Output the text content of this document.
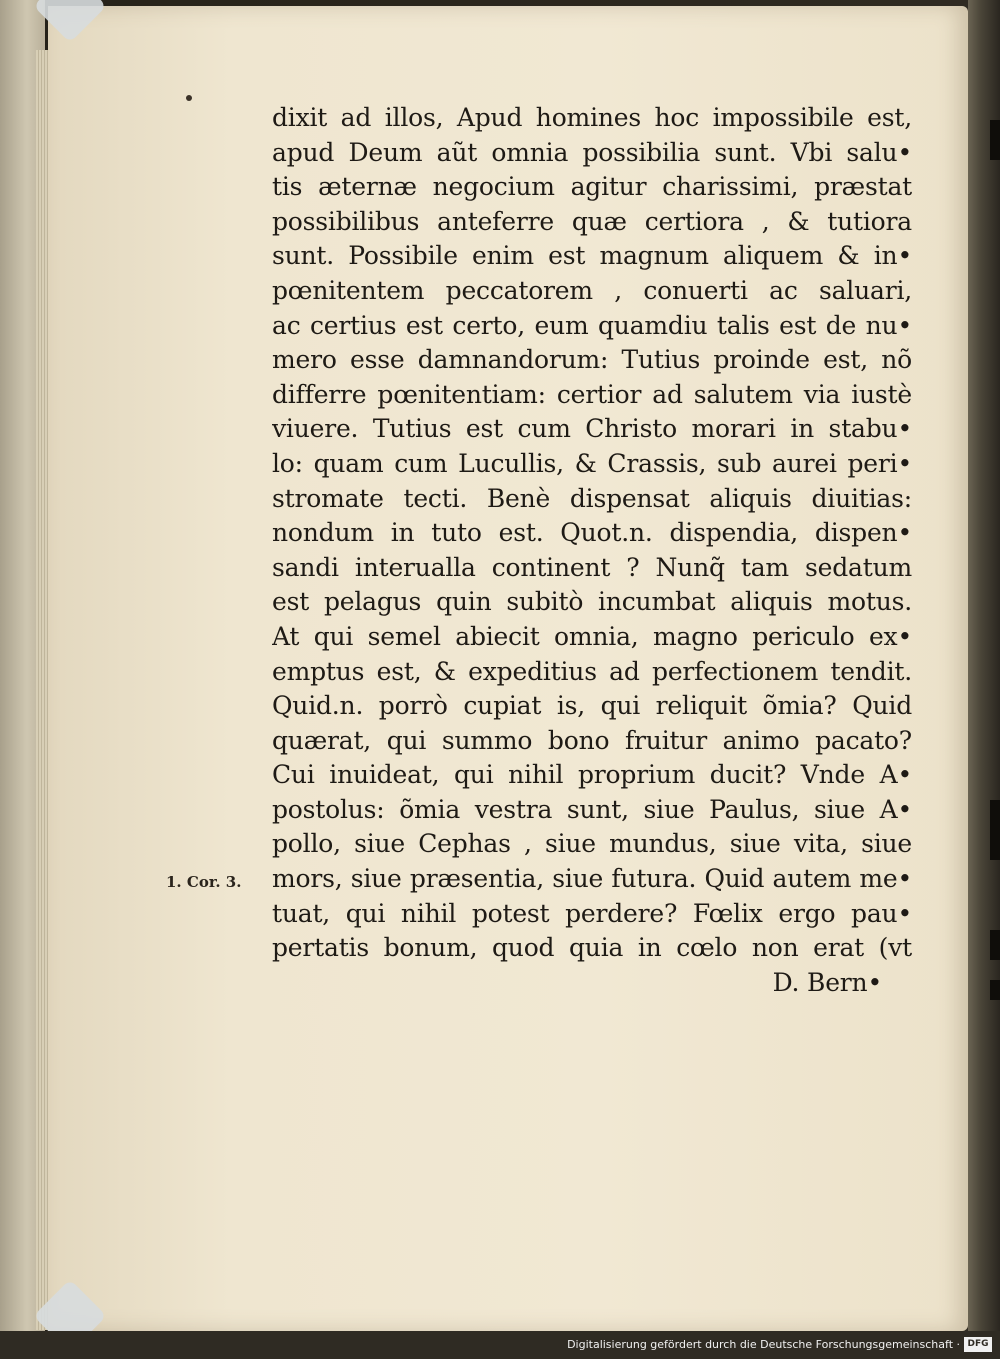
1. Cor. 3.
dixit ad illos, Apud homines hoc impossibile est,
apud Deum aũt omnia possibilia sunt. Vbi salu•
tis æternæ negocium agitur charissimi, præstat
possibilibus anteferre quæ certiora , & tutiora
sunt. Possibile enim est magnum aliquem & in•
pœnitentem peccatorem , conuerti ac saluari,
ac certius est certo, eum quamdiu talis est de nu•
mero esse damnandorum: Tutius proinde est, nõ
differre pœnitentiam: certior ad salutem via iustè
viuere. Tutius est cum Christo morari in stabu•
lo: quam cum Lucullis, & Crassis, sub aurei peri•
stromate tecti. Benè dispensat aliquis diuitias:
nondum in tuto est. Quot.n. dispendia, dispen•
sandi interualla continent ? Nunq̃ tam sedatum
est pelagus quin subitò incumbat aliquis motus.
At qui semel abiecit omnia, magno periculo ex•
emptus est, & expeditius ad perfectionem tendit.
Quid.n. porrò cupiat is, qui reliquit õmia? Quid
quærat, qui summo bono fruitur animo pacato?
Cui inuideat, qui nihil proprium ducit? Vnde A•
postolus: õmia vestra sunt, siue Paulus, siue A•
pollo, siue Cephas , siue mundus, siue vita, siue
mors, siue præsentia, siue futura. Quid autem me•
tuat, qui nihil potest perdere? Fœlix ergo pau•
pertatis bonum, quod quia in cœlo non erat (vt
D. Bern•
Digitalisierung gefördert durch die Deutsche Forschungsgemeinschaft · DFG
